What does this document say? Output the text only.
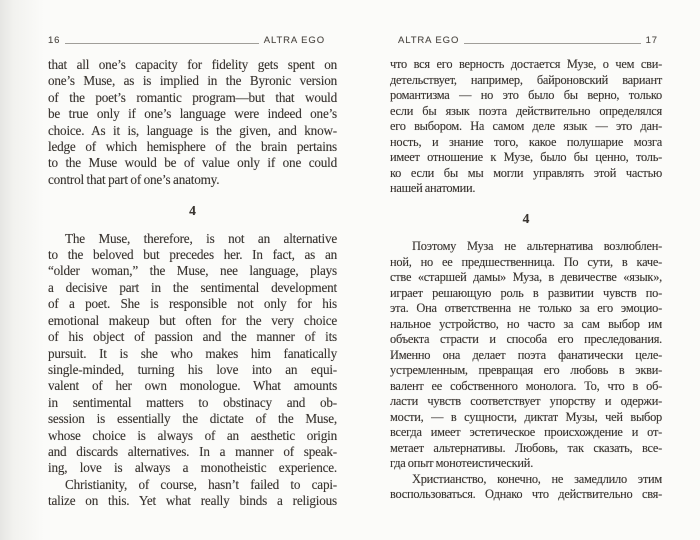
16	ALTRA EGO
that all one’s capacity for fidelity gets spent on
one’s Muse, as is implied in the Byronic version
of the poet’s romantic program—but that would
be true only if one’s language were indeed one’s
choice. As it is, language is the given, and know-
ledge of which hemisphere of the brain pertains
to the Muse would be of value only if one could
control that part of one’s anatomy.
4
The Muse, therefore, is not an alternative
to the beloved but precedes her. In fact, as an
“older woman,” the Muse, nee language, plays
a decisive part in the sentimental development
of a poet. She is responsible not only for his
emotional makeup but often for the very choice
of his object of passion and the manner of its
pursuit. It is she who makes him fanatically
single-minded, turning his love into an equi-
valent of her own monologue. What amounts
in sentimental matters to obstinacy and ob-
session is essentially the dictate of the Muse,
whose choice is always of an aesthetic origin
and discards alternatives. In a manner of speak-
ing, love is always a monotheistic experience.
Christianity, of course, hasn’t failed to capi-
talize on this. Yet what really binds a religious
ALTRA EGO	17
что вся его верность достается Музе, о чем сви-
детельствует, например, байроновский вариант
романтизма — но это было бы верно, только
если бы язык поэта действительно определялся
его выбором. На самом деле язык — это дан-
ность, и знание того, какое полушарие мозга
имеет отношение к Музе, было бы ценно, толь-
ко если бы мы могли управлять этой частью
нашей анатомии.
4
Поэтому Муза не альтернатива возлюблен-
ной, но ее предшественница. По сути, в каче-
стве «старшей дамы» Муза, в девичестве «язык»,
играет решающую роль в развитии чувств по-
эта. Она ответственна не только за его эмоцио-
нальное устройство, но часто за сам выбор им
объекта страсти и способа его преследования.
Именно она делает поэта фанатически целе-
устремленным, превращая его любовь в экви-
валент ее собственного монолога. То, что в об-
ласти чувств соответствует упорству и одержи-
мости, — в сущности, диктат Музы, чей выбор
всегда имеет эстетическое происхождение и от-
метает альтернативы. Любовь, так сказать, все-
гда опыт монотеистический.
Христианство, конечно, не замедлило этим
воспользоваться. Однако что действительно свя-
